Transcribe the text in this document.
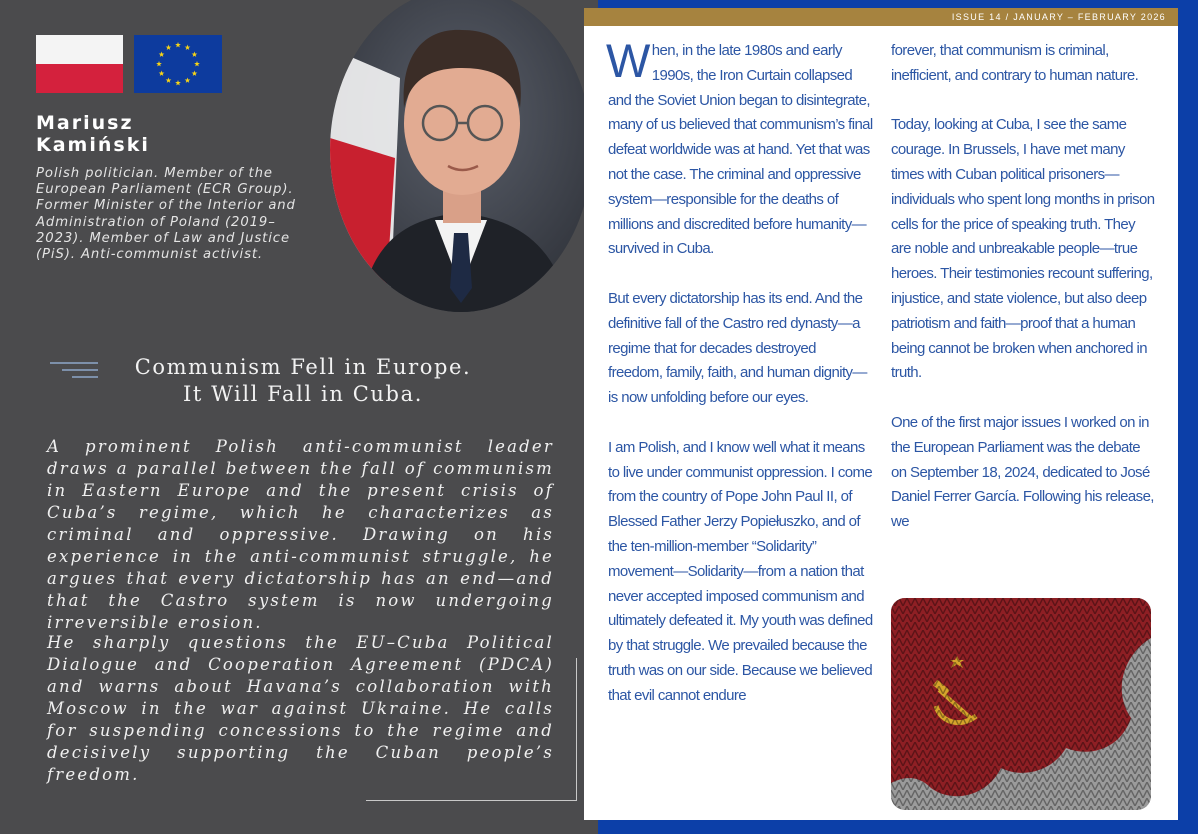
Mariusz
Kamiński

Polish politician. Member of the European Parliament (ECR Group). Former Minister of the Interior and Administration of Poland (2019–2023). Member of Law and Justice (PiS). Anti-communist activist.

Communism Fell in Europe.
It Will Fall in Cuba.

A prominent Polish anti-communist leader draws a parallel between the fall of communism in Eastern Europe and the present crisis of Cuba’s regime, which he characterizes as criminal and oppressive. Drawing on his experience in the anti-communist struggle, he argues that every dictatorship has an end—and that the Castro system is now undergoing irreversible erosion.

He sharply questions the EU–Cuba Political Dialogue and Cooperation Agreement (PDCA) and warns about Havana’s collaboration with Moscow in the war against Ukraine. He calls for suspending concessions to the regime and decisively supporting the Cuban people’s freedom.

ISSUE 14 / JANUARY – FEBRUARY 2026

When, in the late 1980s and early 1990s, the Iron Curtain collapsed and the Soviet Union began to disintegrate, many of us believed that communism’s final defeat worldwide was at hand. Yet that was not the case. The criminal and oppressive system—responsible for the deaths of millions and discredited before humanity—survived in Cuba.

But every dictatorship has its end. And the definitive fall of the Castro red dynasty—a regime that for decades destroyed freedom, family, faith, and human dignity—is now unfolding before our eyes.

I am Polish, and I know well what it means to live under communist oppression. I come from the country of Pope John Paul II, of Blessed Father Jerzy Popiełuszko, and of the ten-million-member “Solidarity” movement—Solidarity—from a nation that never accepted imposed communism and ultimately defeated it. My youth was defined by that struggle. We prevailed because the truth was on our side. Because we believed that evil cannot endure

forever, that communism is criminal, inefficient, and contrary to human nature.

Today, looking at Cuba, I see the same courage. In Brussels, I have met many times with Cuban political prisoners—individuals who spent long months in prison cells for the price of speaking truth. They are noble and unbreakable people—true heroes. Their testimonies recount suffering, injustice, and state violence, but also deep patriotism and faith—proof that a human being cannot be broken when anchored in truth.

One of the first major issues I worked on in the European Parliament was the debate on September 18, 2024, dedicated to José Daniel Ferrer García. Following his release, we
